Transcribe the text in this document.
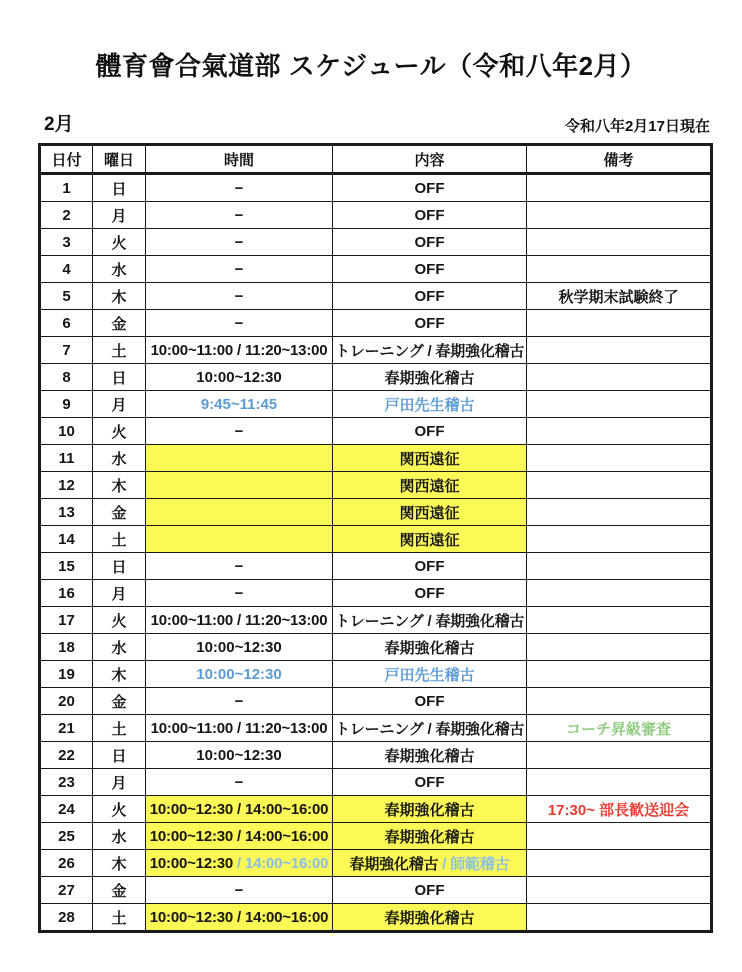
體育會合氣道部 スケジュール（令和八年2月）
2月	令和八年2月17日現在
日付	曜日	時間	内容	備考
1	日	−	OFF	
2	月	−	OFF	
3	火	−	OFF	
4	水	−	OFF	
5	木	−	OFF	秋学期末試験終了
6	金	−	OFF	
7	土	10:00~11:00 / 11:20~13:00	トレーニング / 春期強化稽古	
8	日	10:00~12:30	春期強化稽古	
9	月	9:45~11:45	戸田先生稽古	
10	火	−	OFF	
11	水		関西遠征	
12	木		関西遠征	
13	金		関西遠征	
14	土		関西遠征	
15	日	−	OFF	
16	月	−	OFF	
17	火	10:00~11:00 / 11:20~13:00	トレーニング / 春期強化稽古	
18	水	10:00~12:30	春期強化稽古	
19	木	10:00~12:30	戸田先生稽古	
20	金	−	OFF	
21	土	10:00~11:00 / 11:20~13:00	トレーニング / 春期強化稽古	コーチ昇級審査
22	日	10:00~12:30	春期強化稽古	
23	月	−	OFF	
24	火	10:00~12:30 / 14:00~16:00	春期強化稽古	17:30~ 部長歓送迎会
25	水	10:00~12:30 / 14:00~16:00	春期強化稽古	
26	木	10:00~12:30 / 14:00~16:00	春期強化稽古 / 師範稽古	
27	金	−	OFF	
28	土	10:00~12:30 / 14:00~16:00	春期強化稽古	
